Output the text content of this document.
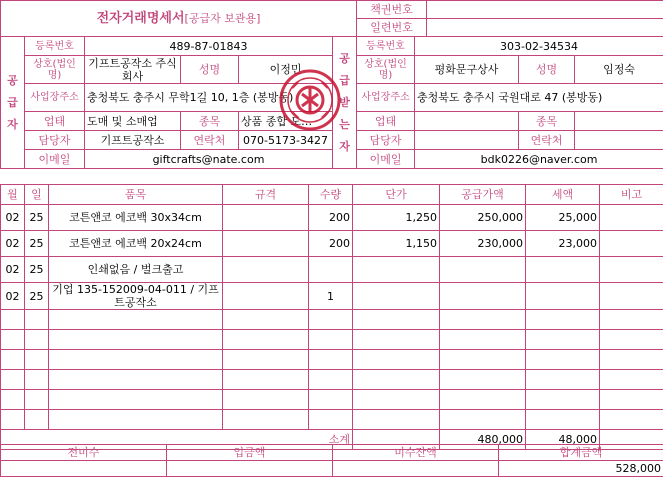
전자거래명세서[공급자 보관용]	책권번호	
	일련번호	
공 급 자	등록번호	489-87-01843			공 급 받 는 자	등록번호	303-02-34534		
	상호(법인명)	기프트공작소 주식회사	성명	이정민		상호(법인명)	평화문구상사	성명	임정숙
	사업장주소	충청북도 충주시 무학1길 10, 1층 (봉방동)				사업장주소	충청북도 충주시 국원대로 47 (봉방동)		
	업태	도매 및 소매업	종목	상품 종합 도…		업태		종목	
	담당자	기프트공작소	연락처	070-5173-3427		담당자		연락처	
	이메일	giftcrafts@nate.com				이메일	bdk0226@naver.com		
월	일	품목	규격	수량	단가	공급가액	세액	비고
02	25	코튼앤코 에코백 30x34cm		200	1,250	250,000	25,000	
02	25	코튼앤코 에코백 20x24cm		200	1,150	230,000	23,000	
02	25	인쇄없음 / 벌크출고						
02	25	기업 135-152009-04-011 / 기프트공작소		1				

소계						480,000	48,000	
전미수	입금액	미수잔액	합계금액
			528,000
